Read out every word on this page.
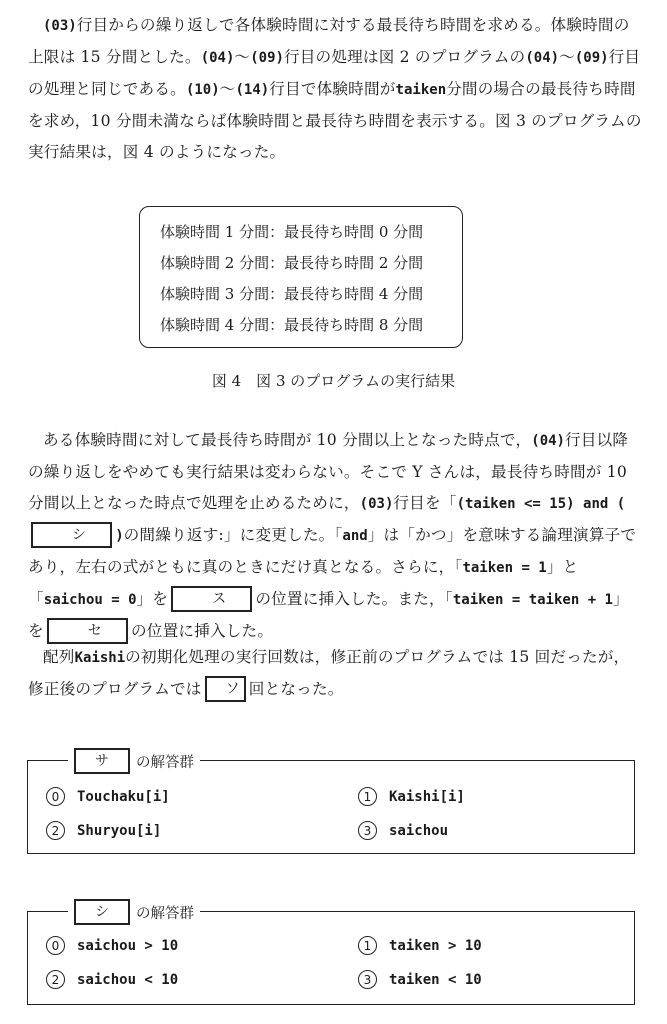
(03)行目からの繰り返しで各体験時間に対する最長待ち時間を求める。体験時間の上限は 15 分間とした。(04)〜(09)行目の処理は図 2 のプログラムの(04)〜(09)行目の処理と同じである。(10)〜(14)行目で体験時間がtaiken分間の場合の最長待ち時間を求め，10 分間未満ならば体験時間と最長待ち時間を表示する。図 3 のプログラムの実行結果は，図 4 のようになった。
体験時間 1 分間：最長待ち時間 0 分間
体験時間 2 分間：最長待ち時間 2 分間
体験時間 3 分間：最長待ち時間 4 分間
体験時間 4 分間：最長待ち時間 8 分間
図 4　図 3 のプログラムの実行結果
ある体験時間に対して最長待ち時間が 10 分間以上となった時点で，(04)行目以降の繰り返しをやめても実行結果は変わらない。そこで Y さんは，最長待ち時間が 10 分間以上となった時点で処理を止めるために，(03)行目を「(taiken <= 15) and (シ )の間繰り返す:」に変更した。「and」は「かつ」を意味する論理演算子であり，左右の式がともに真のときにだけ真となる。さらに，「taiken = 1」と「saichou = 0」を	ス の位置に挿入した。また，「taiken = taiken + 1」を	セ の位置に挿入した。
配列Kaishiの初期化処理の実行回数は，修正前のプログラムでは 15 回だったが，修正後のプログラムでは ソ 回となった。
サ	の解答群
0	Touchaku[i]	1	Kaishi[i]
2	Shuryou[i]	3	saichou
シ	の解答群
0	saichou > 10	1	taiken > 10
2	saichou < 10	3	taiken < 10
